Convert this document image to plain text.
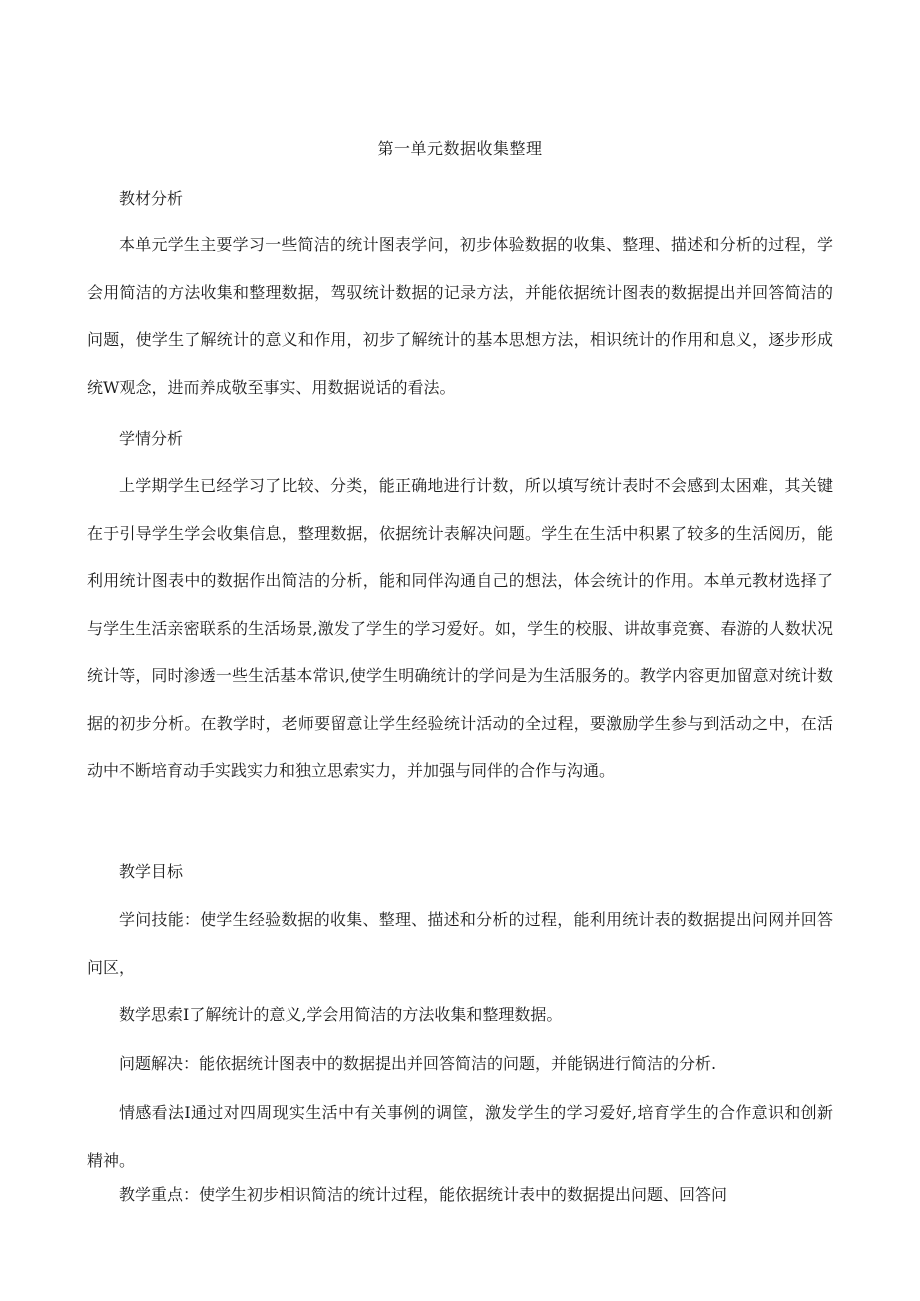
第一单元数据收集整理
教材分析

本单元学生主要学习一些简洁的统计图表学问，初步体验数据的收集、整理、描述和分析的过程，学会用简洁的方法收集和整理数据，驾驭统计数据的记录方法，并能依据统计图表的数据提出并回答简洁的问题，使学生了解统计的意义和作用，初步了解统计的基本思想方法，相识统计的作用和息义，逐步形成统W观念，进而养成敬至事实、用数据说话的看法。

学情分析

上学期学生已经学习了比较、分类，能正确地进行计数，所以填写统计表时不会感到太困难，其关键在于引导学生学会收集信息，整理数据，依据统计表解决问题。学生在生活中积累了较多的生活阅历，能利用统计图表中的数据作出简洁的分析，能和同伴沟通自己的想法，体会统计的作用。本单元教材选择了与学生生活亲密联系的生活场景,激发了学生的学习爱好。如，学生的校服、讲故事竞赛、春游的人数状况统计等，同时渗透一些生活基本常识,使学生明确统计的学问是为生活服务的。教学内容更加留意对统计数据的初步分析。在教学时，老师要留意让学生经验统计活动的全过程，要激励学生参与到活动之中，在活动中不断培育动手实践实力和独立思索实力，并加强与同伴的合作与沟通。

教学目标

学问技能：使学生经验数据的收集、整理、描述和分析的过程，能利用统计表的数据提出问网并回答问区，

数学思索I了解统计的意义,学会用简洁的方法收集和整理数据。
问题解决：能依据统计图表中的数据提出并回答简洁的问题，并能锅进行简洁的分析.

情感看法I通过对四周现实生活中有关事例的调筐，激发学生的学习爱好,培育学生的合作意识和创新精神。

教学重点：使学生初步相识简洁的统计过程，能依据统计表中的数据提出问题、回答问
